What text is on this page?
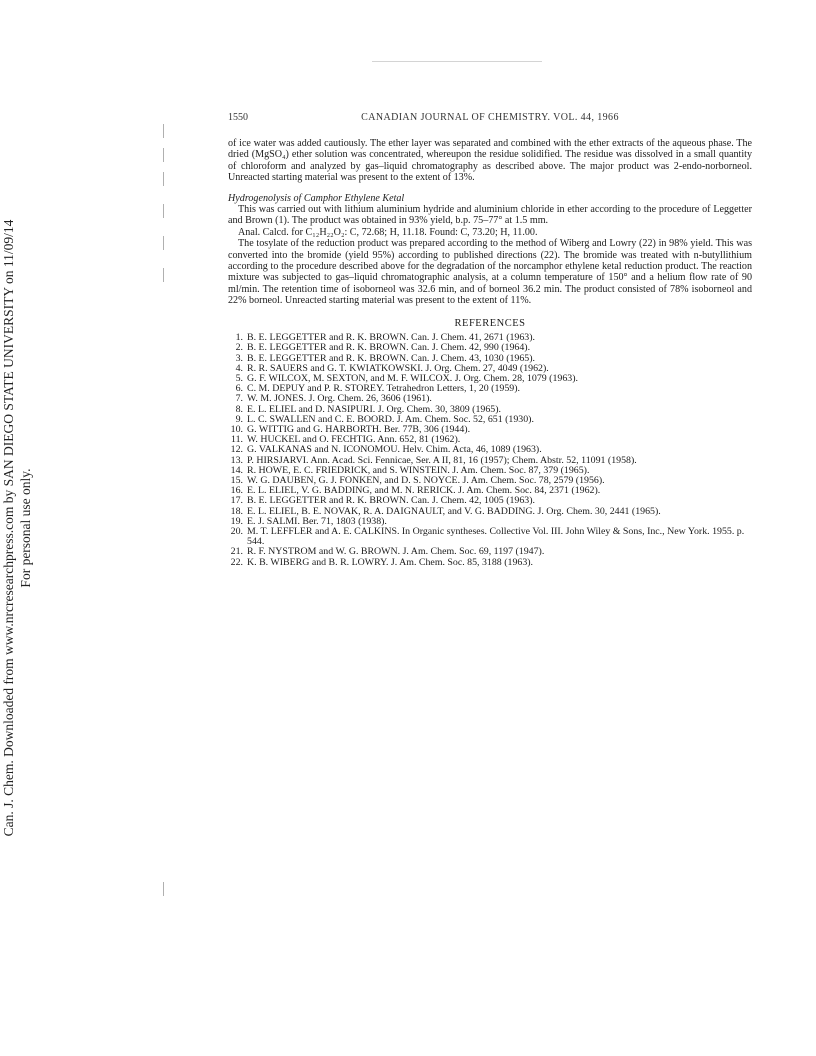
Can. J. Chem. Downloaded from www.nrcresearchpress.com by SAN DIEGO STATE UNIVERSITY on 11/09/14 For personal use only.
1550	CANADIAN JOURNAL OF CHEMISTRY. VOL. 44, 1966

of ice water was added cautiously. The ether layer was separated and combined with the ether extracts of the aqueous phase. The dried (MgSO₄) ether solution was concentrated, whereupon the residue solidified. The residue was dissolved in a small quantity of chloroform and analyzed by gas–liquid chromatography as described above. The major product was 2-endo-norborneol. Unreacted starting material was present to the extent of 13%.

Hydrogenolysis of Camphor Ethylene Ketal

This was carried out with lithium aluminium hydride and aluminium chloride in ether according to the procedure of Leggetter and Brown (1). The product was obtained in 93% yield, b.p. 75–77° at 1.5 mm.

Anal. Calcd. for C₁₂H₂₂O₂: C, 72.68; H, 11.18. Found: C, 73.20; H, 11.00.

The tosylate of the reduction product was prepared according to the method of Wiberg and Lowry (22) in 98% yield. This was converted into the bromide (yield 95%) according to published directions (22). The bromide was treated with n-butyllithium according to the procedure described above for the degradation of the norcamphor ethylene ketal reduction product. The reaction mixture was subjected to gas–liquid chromatographic analysis, at a column temperature of 150° and a helium flow rate of 90 ml/min. The retention time of isoborneol was 32.6 min, and of borneol 36.2 min. The product consisted of 78% isoborneol and 22% borneol. Unreacted starting material was present to the extent of 11%.

REFERENCES
1. B. E. LEGGETTER and R. K. BROWN. Can. J. Chem. 41, 2671 (1963).
2. B. E. LEGGETTER and R. K. BROWN. Can. J. Chem. 42, 990 (1964).
3. B. E. LEGGETTER and R. K. BROWN. Can. J. Chem. 43, 1030 (1965).
4. R. R. SAUERS and G. T. KWIATKOWSKI. J. Org. Chem. 27, 4049 (1962).
5. G. F. WILCOX, M. SEXTON, and M. F. WILCOX. J. Org. Chem. 28, 1079 (1963).
6. C. M. DEPUY and P. R. STOREY. Tetrahedron Letters, 1, 20 (1959).
7. W. M. JONES. J. Org. Chem. 26, 3606 (1961).
8. E. L. ELIEL and D. NASIPURI. J. Org. Chem. 30, 3809 (1965).
9. L. C. SWALLEN and C. E. BOORD. J. Am. Chem. Soc. 52, 651 (1930).
10. G. WITTIG and G. HARBORTH. Ber. 77B, 306 (1944).
11. W. HUCKEL and O. FECHTIG. Ann. 652, 81 (1962).
12. G. VALKANAS and N. ICONOMOU. Helv. Chim. Acta, 46, 1089 (1963).
13. P. HIRSJARVI. Ann. Acad. Sci. Fennicae, Ser. A II, 81, 16 (1957); Chem. Abstr. 52, 11091 (1958).
14. R. HOWE, E. C. FRIEDRICK, and S. WINSTEIN. J. Am. Chem. Soc. 87, 379 (1965).
15. W. G. DAUBEN, G. J. FONKEN, and D. S. NOYCE. J. Am. Chem. Soc. 78, 2579 (1956).
16. E. L. ELIEL, V. G. BADDING, and M. N. RERICK. J. Am. Chem. Soc. 84, 2371 (1962).
17. B. E. LEGGETTER and R. K. BROWN. Can. J. Chem. 42, 1005 (1963).
18. E. L. ELIEL, B. E. NOVAK, R. A. DAIGNAULT, and V. G. BADDING. J. Org. Chem. 30, 2441 (1965).
19. E. J. SALMI. Ber. 71, 1803 (1938).
20. M. T. LEFFLER and A. E. CALKINS. In Organic syntheses. Collective Vol. III. John Wiley & Sons, Inc., New York. 1955. p. 544.
21. R. F. NYSTROM and W. G. BROWN. J. Am. Chem. Soc. 69, 1197 (1947).
22. K. B. WIBERG and B. R. LOWRY. J. Am. Chem. Soc. 85, 3188 (1963).
